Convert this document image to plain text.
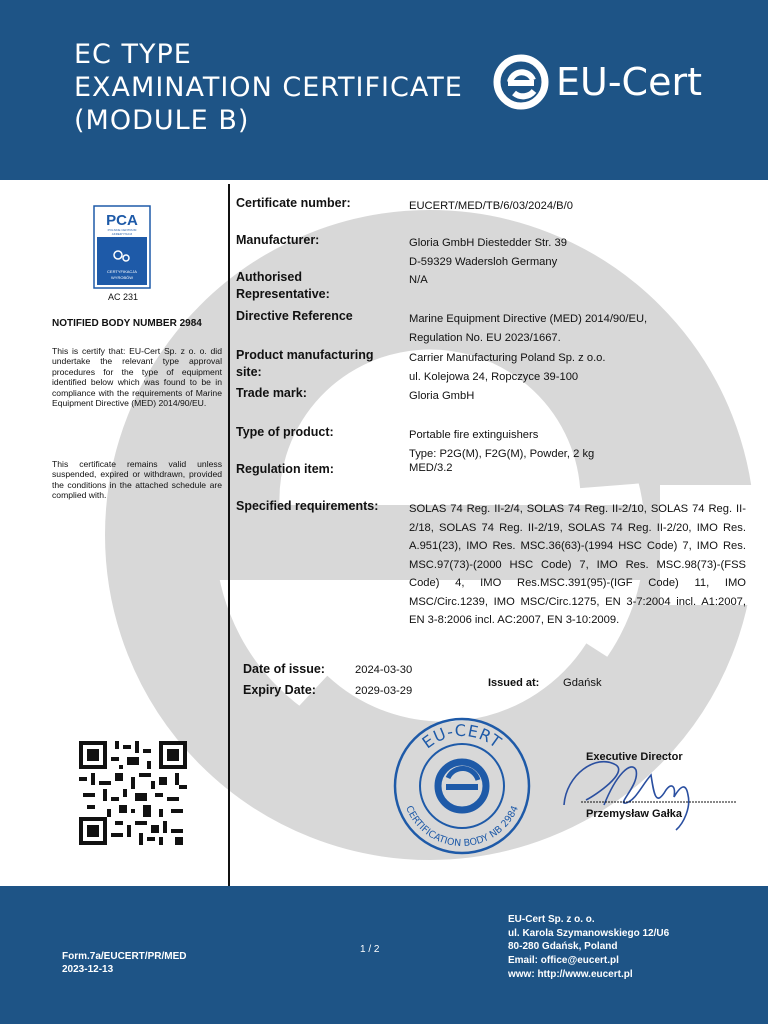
EC TYPE
EXAMINATION CERTIFICATE
(MODULE B)
EU-Cert
PCA
POLSKIE CENTRUM
AKREDYTACJI
CERTYFIKACJA
WYROBÓW
AC 231
NOTIFIED BODY NUMBER 2984
This is certify that: EU-Cert Sp. z o. o. did undertake the relevant type approval procedures for the type of equipment identified below which was found to be in compliance with the requirements of Marine Equipment Directive (MED) 2014/90/EU.
This certificate remains valid unless suspended, expired or withdrawn, provided the conditions in the attached schedule are complied with.
Certificate number:	EUCERT/MED/TB/6/03/2024/B/0
Manufacturer:	Gloria GmbH Diestedder Str. 39
D-59329 Wadersloh Germany
Authorised
Representative:
N/A
Directive Reference	Marine Equipment Directive (MED) 2014/90/EU,
Regulation No. EU 2023/1667.
Product manufacturing
site:
Carrier Manufacturing Poland Sp. z o.o.
ul. Kolejowa 24, Ropczyce 39-100
Trade mark:	Gloria GmbH
Type of product:	Portable fire extinguishers
Type: P2G(M), F2G(M), Powder, 2 kg
Regulation item:	MED/3.2
Specified requirements:	SOLAS 74 Reg. II-2/4, SOLAS 74 Reg. II-2/10, SOLAS 74 Reg. II-2/18, SOLAS 74 Reg. II-2/19, SOLAS 74 Reg. II-2/20, IMO Res. A.951(23), IMO Res. MSC.36(63)-(1994 HSC Code) 7, IMO Res. MSC.97(73)-(2000 HSC Code) 7, IMO Res. MSC.98(73)-(FSS Code) 4, IMO Res.MSC.391(95)-(IGF Code) 11, IMO MSC/Circ.1239, IMO MSC/Circ.1275, EN 3-7:2004 incl. A1:2007, EN 3-8:2006 incl. AC:2007, EN 3-10:2009.
Date of issue:	2024-03-30
Expiry Date:	2029-03-29
Issued at: Gdańsk
EU-CERT
CERTIFICATION BODY NB 2984
Executive Director
Przemysław Gałka
Form.7a/EUCERT/PR/MED
2023-12-13
1 / 2
EU-Cert Sp. z o. o.
ul. Karola Szymanowskiego 12/U6
80-280 Gdańsk, Poland
Email: office@eucert.pl
www: http://www.eucert.pl
